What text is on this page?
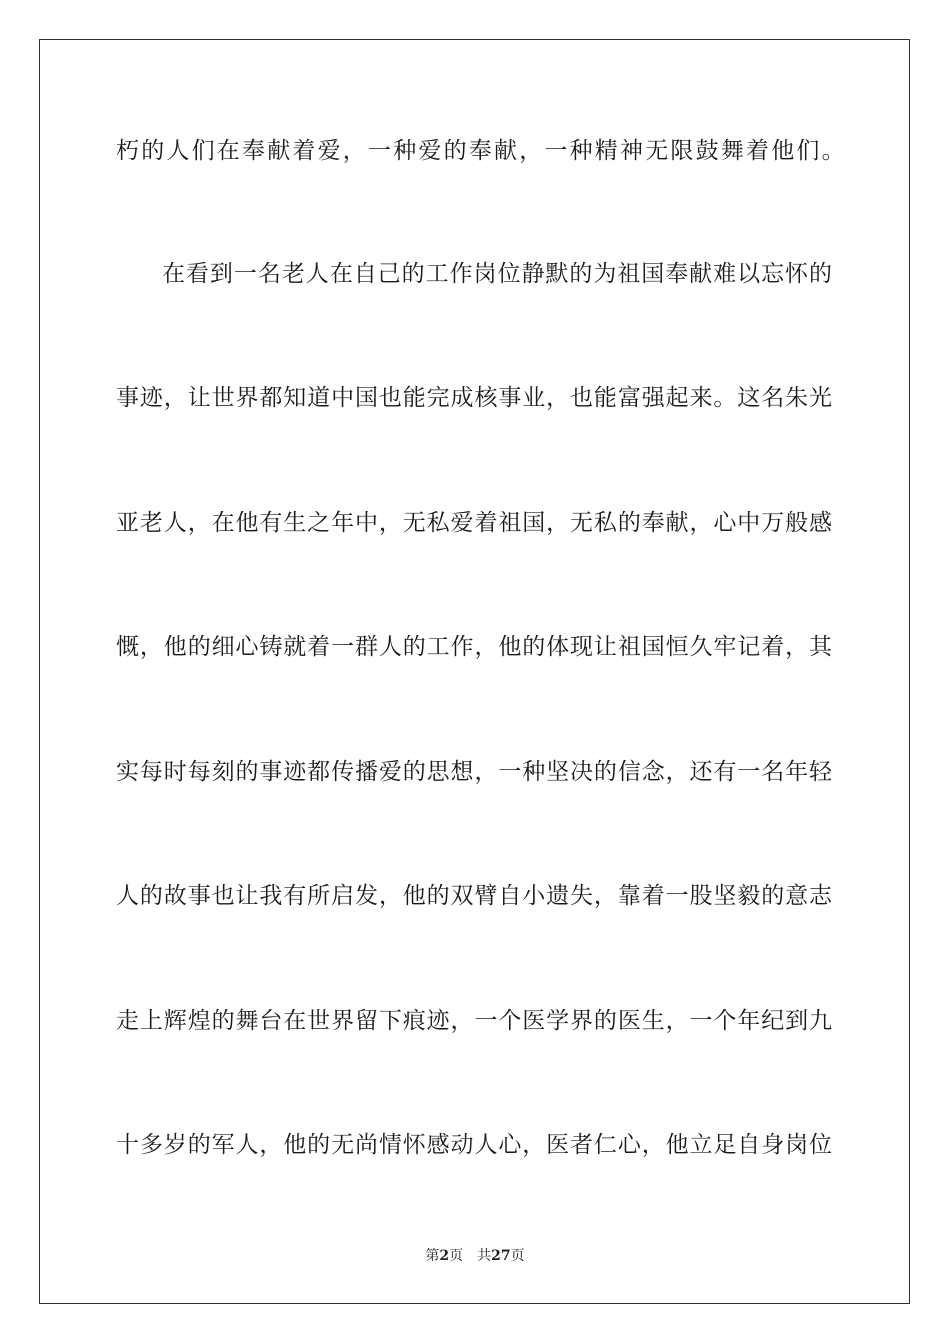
朽的人们在奉献着爱，一种爱的奉献，一种精神无限鼓舞着他们。
在看到一名老人在自己的工作岗位静默的为祖国奉献难以忘怀的
事迹，让世界都知道中国也能完成核事业，也能富强起来。这名朱光
亚老人，在他有生之年中，无私爱着祖国，无私的奉献，心中万般感
慨，他的细心铸就着一群人的工作，他的体现让祖国恒久牢记着，其
实每时每刻的事迹都传播爱的思想，一种坚决的信念，还有一名年轻
人的故事也让我有所启发，他的双臂自小遗失，靠着一股坚毅的意志
走上辉煌的舞台在世界留下痕迹，一个医学界的医生，一个年纪到九
十多岁的军人，他的无尚情怀感动人心，医者仁心，他立足自身岗位
第2页 共27页
